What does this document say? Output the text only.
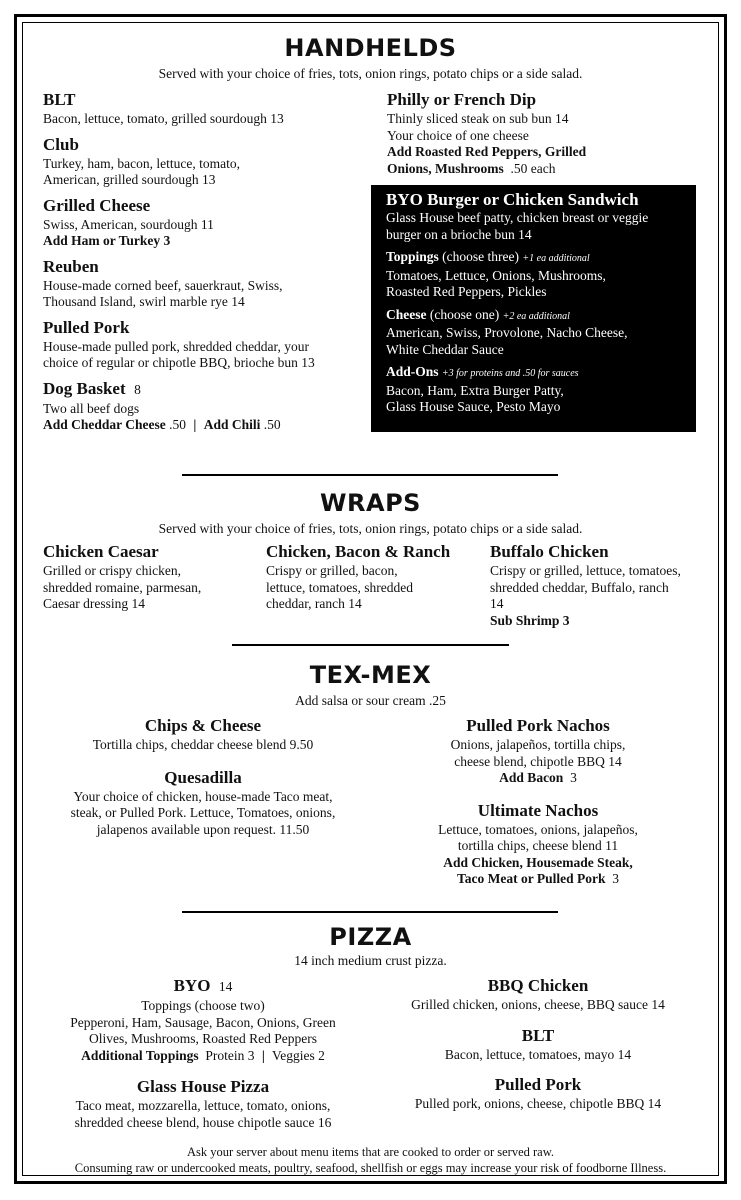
HANDHELDS
Served with your choice of fries, tots, onion rings, potato chips or a side salad.
BLT
Bacon, lettuce, tomato, grilled sourdough 13
Club
Turkey, ham, bacon, lettuce, tomato,
American, grilled sourdough 13
Grilled Cheese
Swiss, American, sourdough 11
Add Ham or Turkey 3
Reuben
House-made corned beef, sauerkraut, Swiss,
Thousand Island, swirl marble rye 14
Pulled Pork
House-made pulled pork, shredded cheddar, your
choice of regular or chipotle BBQ, brioche bun 13
Dog Basket 8
Two all beef dogs
Add Cheddar Cheese .50 | Add Chili .50
Philly or French Dip
Thinly sliced steak on sub bun 14
Your choice of one cheese
Add Roasted Red Peppers, Grilled
Onions, Mushrooms .50 each
BYO Burger or Chicken Sandwich
Glass House beef patty, chicken breast or veggie
burger on a brioche bun 14
Toppings (choose three) +1 ea additional
Tomatoes, Lettuce, Onions, Mushrooms,
Roasted Red Peppers, Pickles
Cheese (choose one) +2 ea additional
American, Swiss, Provolone, Nacho Cheese,
White Cheddar Sauce
Add-Ons +3 for proteins and .50 for sauces
Bacon, Ham, Extra Burger Patty,
Glass House Sauce, Pesto Mayo
WRAPS
Served with your choice of fries, tots, onion rings, potato chips or a side salad.
Chicken Caesar
Grilled or crispy chicken,
shredded romaine, parmesan,
Caesar dressing 14
Chicken, Bacon & Ranch
Crispy or grilled, bacon,
lettuce, tomatoes, shredded
cheddar, ranch 14
Buffalo Chicken
Crispy or grilled, lettuce, tomatoes,
shredded cheddar, Buffalo, ranch
14
Sub Shrimp 3
TEX-MEX
Add salsa or sour cream .25
Chips & Cheese
Tortilla chips, cheddar cheese blend 9.50
Quesadilla
Your choice of chicken, house-made Taco meat,
steak, or Pulled Pork. Lettuce, Tomatoes, onions,
jalapenos available upon request. 11.50
Pulled Pork Nachos
Onions, jalapeños, tortilla chips,
cheese blend, chipotle BBQ 14
Add Bacon 3
Ultimate Nachos
Lettuce, tomatoes, onions, jalapeños,
tortilla chips, cheese blend 11
Add Chicken, Housemade Steak,
Taco Meat or Pulled Pork 3
PIZZA
14 inch medium crust pizza.
BYO 14
Toppings (choose two)
Pepperoni, Ham, Sausage, Bacon, Onions, Green
Olives, Mushrooms, Roasted Red Peppers
Additional Toppings Protein 3 | Veggies 2
Glass House Pizza
Taco meat, mozzarella, lettuce, tomato, onions,
shredded cheese blend, house chipotle sauce 16
BBQ Chicken
Grilled chicken, onions, cheese, BBQ sauce 14
BLT
Bacon, lettuce, tomatoes, mayo 14
Pulled Pork
Pulled pork, onions, cheese, chipotle BBQ 14
Ask your server about menu items that are cooked to order or served raw.
Consuming raw or undercooked meats, poultry, seafood, shellfish or eggs may increase your risk of foodborne Illness.
